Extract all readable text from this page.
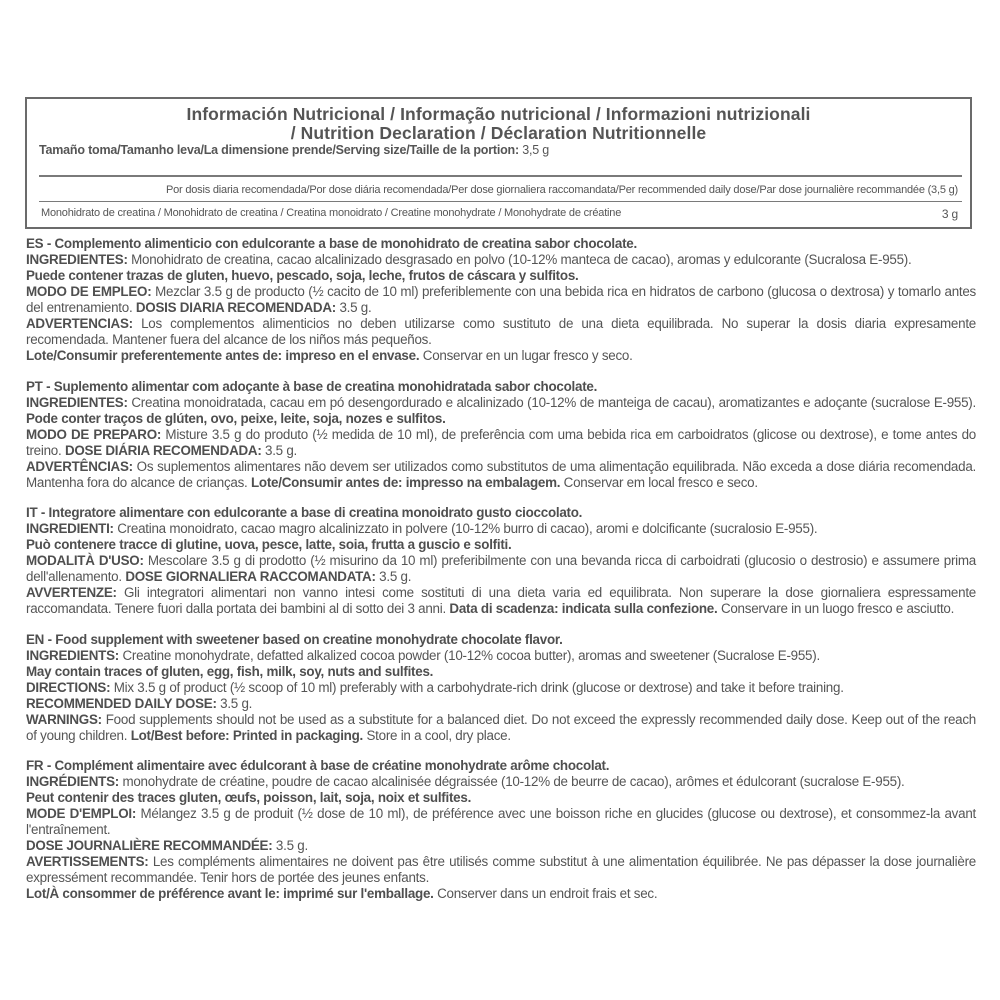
Información Nutricional / Informação nutricional / Informazioni nutrizionali
/ Nutrition Declaration / Déclaration Nutritionnelle
Tamaño toma/Tamanho leva/La dimensione prende/Serving size/Taille de la portion: 3,5 g
Por dosis diaria recomendada/Por dose diária recomendada/Per dose giornaliera raccomandata/Per recommended daily dose/Par dose journalière recommandée (3,5 g)
Monohidrato de creatina / Monohidrato de creatina / Creatina monoidrato / Creatine monohydrate / Monohydrate de créatine	3 g

ES - Complemento alimenticio con edulcorante a base de monohidrato de creatina sabor chocolate.

INGREDIENTES: Monohidrato de creatina, cacao alcalinizado desgrasado en polvo (10-12% manteca de cacao), aromas y edulcorante (Sucralosa E-955).

Puede contener trazas de gluten, huevo, pescado, soja, leche, frutos de cáscara y sulfitos.

MODO DE EMPLEO: Mezclar 3.5 g de producto (½ cacito de 10 ml) preferiblemente con una bebida rica en hidratos de carbono (glucosa o dextrosa) y tomarlo antes del entrenamiento. DOSIS DIARIA RECOMENDADA: 3.5 g.

ADVERTENCIAS: Los complementos alimenticios no deben utilizarse como sustituto de una dieta equilibrada. No superar la dosis diaria expresamente recomendada. Mantener fuera del alcance de los niños más pequeños.

Lote/Consumir preferentemente antes de: impreso en el envase. Conservar en un lugar fresco y seco.

PT - Suplemento alimentar com adoçante à base de creatina monohidratada sabor chocolate.

INGREDIENTES: Creatina monoidratada, cacau em pó desengordurado e alcalinizado (10-12% de manteiga de cacau), aromatizantes e adoçante (sucralose E-955). Pode conter traços de glúten, ovo, peixe, leite, soja, nozes e sulfitos.

MODO DE PREPARO: Misture 3.5 g do produto (½ medida de 10 ml), de preferência com uma bebida rica em carboidratos (glicose ou dextrose), e tome antes do treino. DOSE DIÁRIA RECOMENDADA: 3.5 g.

ADVERTÊNCIAS: Os suplementos alimentares não devem ser utilizados como substitutos de uma alimentação equilibrada. Não exceda a dose diária recomendada. Mantenha fora do alcance de crianças. Lote/Consumir antes de: impresso na embalagem. Conservar em local fresco e seco.

IT - Integratore alimentare con edulcorante a base di creatina monoidrato gusto cioccolato.

INGREDIENTI: Creatina monoidrato, cacao magro alcalinizzato in polvere (10-12% burro di cacao), aromi e dolcificante (sucralosio E-955).

Può contenere tracce di glutine, uova, pesce, latte, soia, frutta a guscio e solfiti.

MODALITÀ D'USO: Mescolare 3.5 g di prodotto (½ misurino da 10 ml) preferibilmente con una bevanda ricca di carboidrati (glucosio o destrosio) e assumere prima dell'allenamento. DOSE GIORNALIERA RACCOMANDATA: 3.5 g.

AVVERTENZE: Gli integratori alimentari non vanno intesi come sostituti di una dieta varia ed equilibrata. Non superare la dose giornaliera espressamente raccomandata. Tenere fuori dalla portata dei bambini al di sotto dei 3 anni. Data di scadenza: indicata sulla confezione. Conservare in un luogo fresco e asciutto.

EN - Food supplement with sweetener based on creatine monohydrate chocolate flavor.

INGREDIENTS: Creatine monohydrate, defatted alkalized cocoa powder (10-12% cocoa butter), aromas and sweetener (Sucralose E-955).

May contain traces of gluten, egg, fish, milk, soy, nuts and sulfites.

DIRECTIONS: Mix 3.5 g of product (½ scoop of 10 ml) preferably with a carbohydrate-rich drink (glucose or dextrose) and take it before training.

RECOMMENDED DAILY DOSE: 3.5 g.

WARNINGS: Food supplements should not be used as a substitute for a balanced diet. Do not exceed the expressly recommended daily dose. Keep out of the reach of young children. Lot/Best before: Printed in packaging. Store in a cool, dry place.

FR - Complément alimentaire avec édulcorant à base de créatine monohydrate arôme chocolat.

INGRÉDIENTS: monohydrate de créatine, poudre de cacao alcalinisée dégraissée (10-12% de beurre de cacao), arômes et édulcorant (sucralose E-955).

Peut contenir des traces gluten, œufs, poisson, lait, soja, noix et sulfites.

MODE D'EMPLOI: Mélangez 3.5 g de produit (½ dose de 10 ml), de préférence avec une boisson riche en glucides (glucose ou dextrose), et consommez-la avant l'entraînement.

DOSE JOURNALIÈRE RECOMMANDÉE: 3.5 g.

AVERTISSEMENTS: Les compléments alimentaires ne doivent pas être utilisés comme substitut à une alimentation équilibrée. Ne pas dépasser la dose journalière expressément recommandée. Tenir hors de portée des jeunes enfants.

Lot/À consommer de préférence avant le: imprimé sur l'emballage. Conserver dans un endroit frais et sec.
